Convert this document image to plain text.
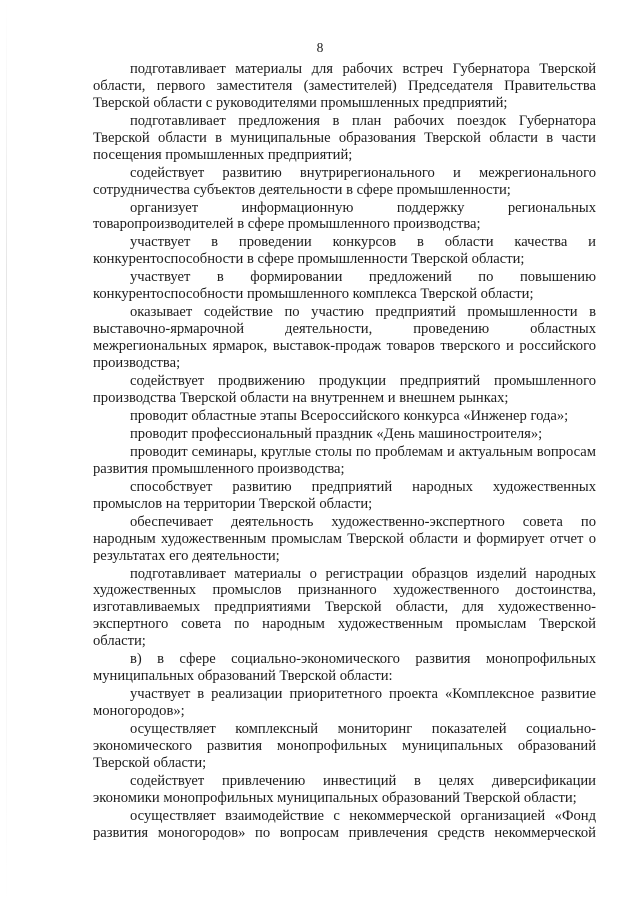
8

подготавливает материалы для рабочих встреч Губернатора Тверской области, первого заместителя (заместителей) Председателя Правительства Тверской области с руководителями промышленных предприятий;

подготавливает предложения в план рабочих поездок Губернатора Тверской области в муниципальные образования Тверской области в части посещения промышленных предприятий;

содействует развитию внутрирегионального и межрегионального сотрудничества субъектов деятельности в сфере промышленности;

организует информационную поддержку региональных товаропроизводителей в сфере промышленного производства;

участвует в проведении конкурсов в области качества и конкурентоспособности в сфере промышленности Тверской области;

участвует в формировании предложений по повышению конкурентоспособности промышленного комплекса Тверской области;

оказывает содействие по участию предприятий промышленности в выставочно-ярмарочной деятельности, проведению областных межрегиональных ярмарок, выставок-продаж товаров тверского и российского производства;

содействует продвижению продукции предприятий промышленного производства Тверской области на внутреннем и внешнем рынках;

проводит областные этапы Всероссийского конкурса «Инженер года»;

проводит профессиональный праздник «День машиностроителя»;

проводит семинары, круглые столы по проблемам и актуальным вопросам развития промышленного производства;

способствует развитию предприятий народных художественных промыслов на территории Тверской области;

обеспечивает деятельность художественно-экспертного совета по народным художественным промыслам Тверской области и формирует отчет о результатах его деятельности;

подготавливает материалы о регистрации образцов изделий народных художественных промыслов признанного художественного достоинства, изготавливаемых предприятиями Тверской области, для художественно-экспертного совета по народным художественным промыслам Тверской области;

в) в сфере социально-экономического развития монопрофильных муниципальных образований Тверской области:

участвует в реализации приоритетного проекта «Комплексное развитие моногородов»;

осуществляет комплексный мониторинг показателей социально-экономического развития монопрофильных муниципальных образований Тверской области;

содействует привлечению инвестиций в целях диверсификации экономики монопрофильных муниципальных образований Тверской области;

осуществляет взаимодействие с некоммерческой организацией «Фонд развития моногородов» по вопросам привлечения средств некоммерческой
